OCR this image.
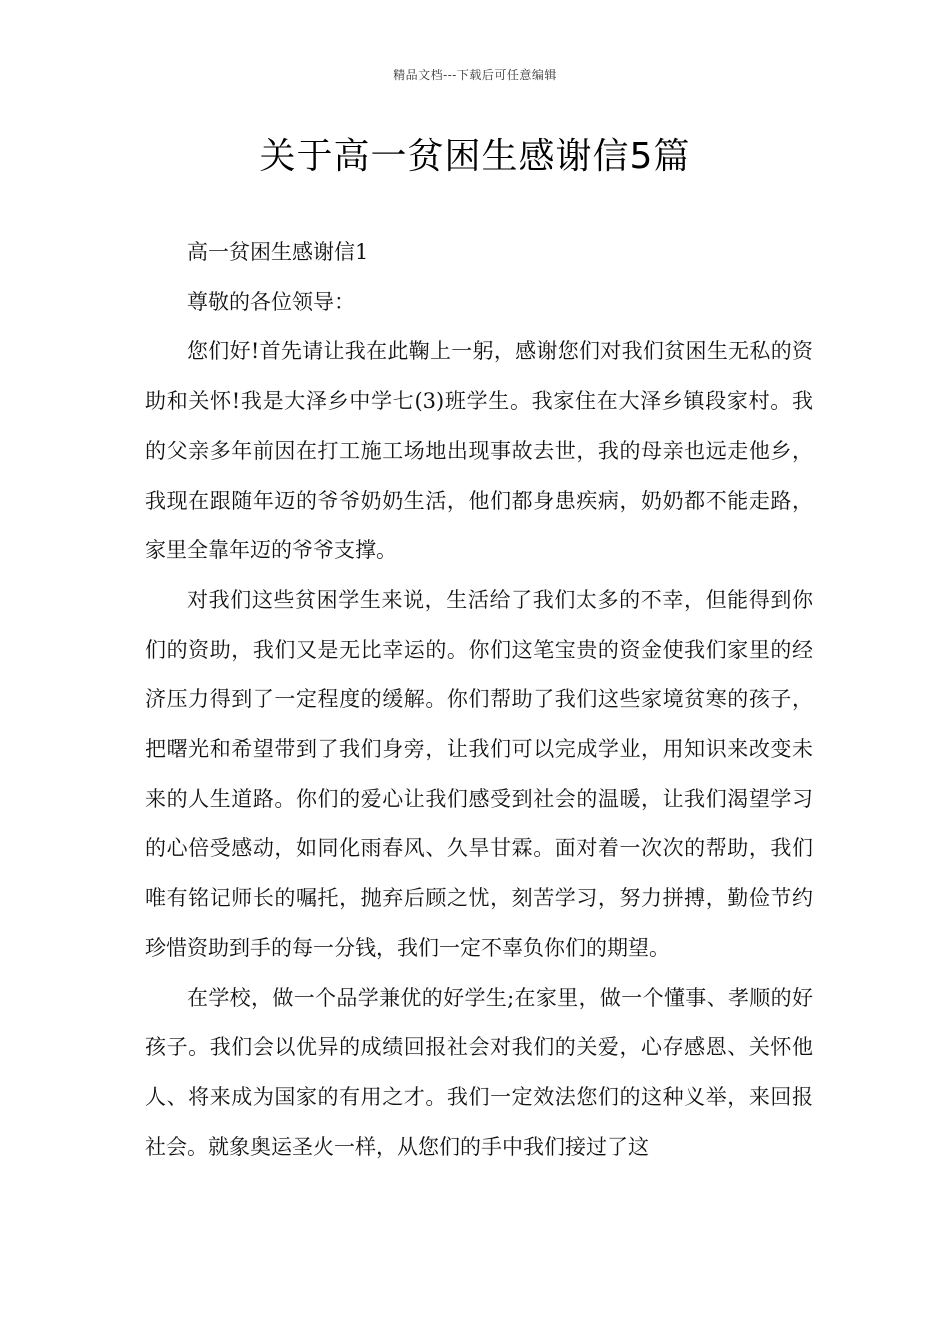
精品文档---下载后可任意编辑
关于高一贫困生感谢信5篇

高一贫困生感谢信1

尊敬的各位领导：

您们好!首先请让我在此鞠上一躬，感谢您们对我们贫困生无私的资助和关怀!我是大泽乡中学七(3)班学生。我家住在大泽乡镇段家村。我的父亲多年前因在打工施工场地出现事故去世，我的母亲也远走他乡，我现在跟随年迈的爷爷奶奶生活，他们都身患疾病，奶奶都不能走路，家里全靠年迈的爷爷支撑。

对我们这些贫困学生来说，生活给了我们太多的不幸，但能得到你们的资助，我们又是无比幸运的。你们这笔宝贵的资金使我们家里的经济压力得到了一定程度的缓解。你们帮助了我们这些家境贫寒的孩子，把曙光和希望带到了我们身旁，让我们可以完成学业，用知识来改变未来的人生道路。你们的爱心让我们感受到社会的温暖，让我们渴望学习的心倍受感动，如同化雨春风、久旱甘霖。面对着一次次的帮助，我们唯有铭记师长的嘱托，抛弃后顾之忧，刻苦学习，努力拼搏，勤俭节约珍惜资助到手的每一分钱，我们一定不辜负你们的期望。

在学校，做一个品学兼优的好学生;在家里，做一个懂事、孝顺的好孩子。我们会以优异的成绩回报社会对我们的关爱，心存感恩、关怀他人、将来成为国家的有用之才。我们一定效法您们的这种义举，来回报社会。就象奥运圣火一样，从您们的手中我们接过了这
